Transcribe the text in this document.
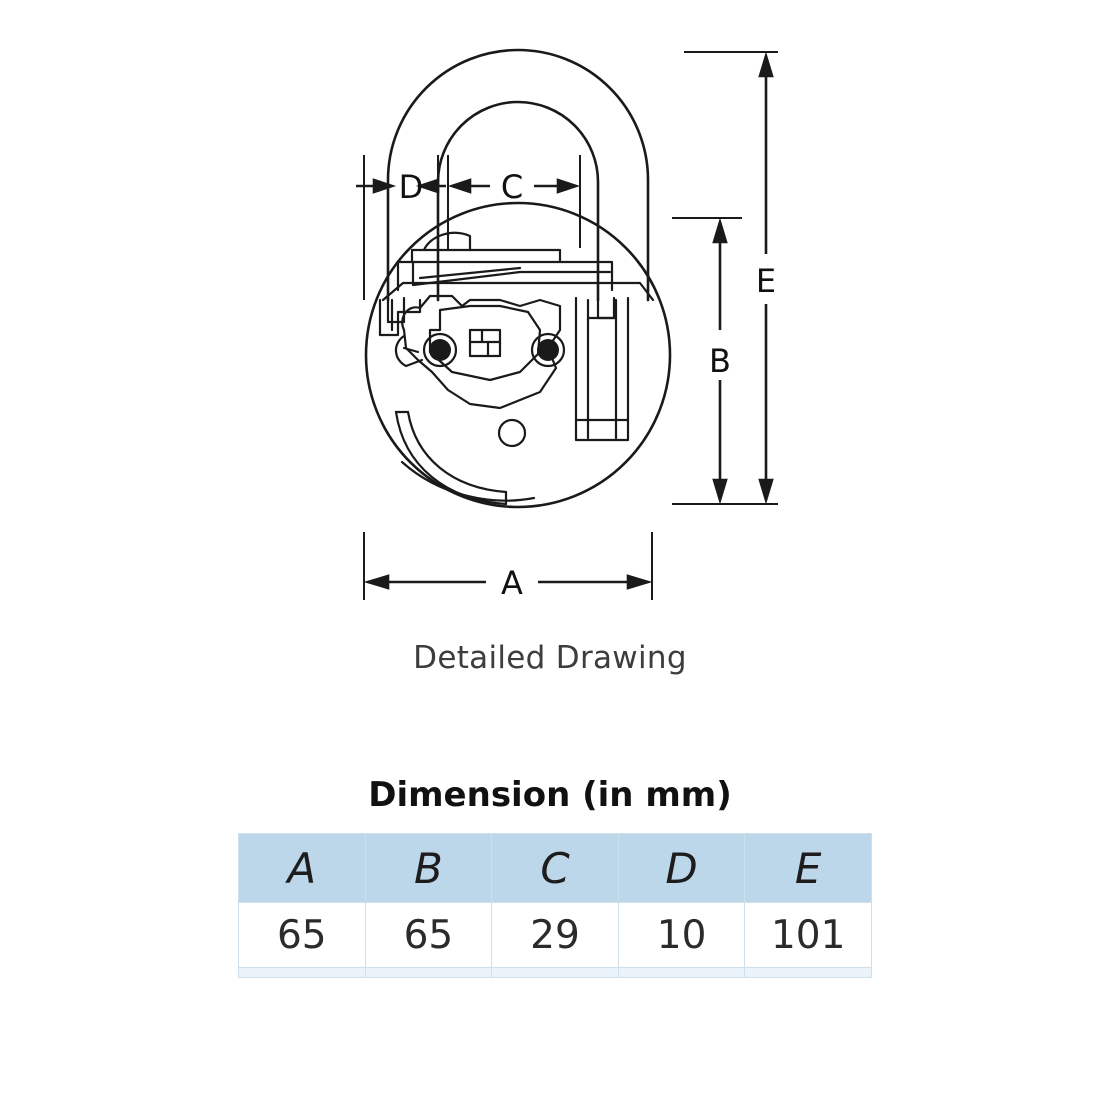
D C
E
B
A
Detailed Drawing
Dimension (in mm)
A	B	C	D	E
65	65	29	10	101
